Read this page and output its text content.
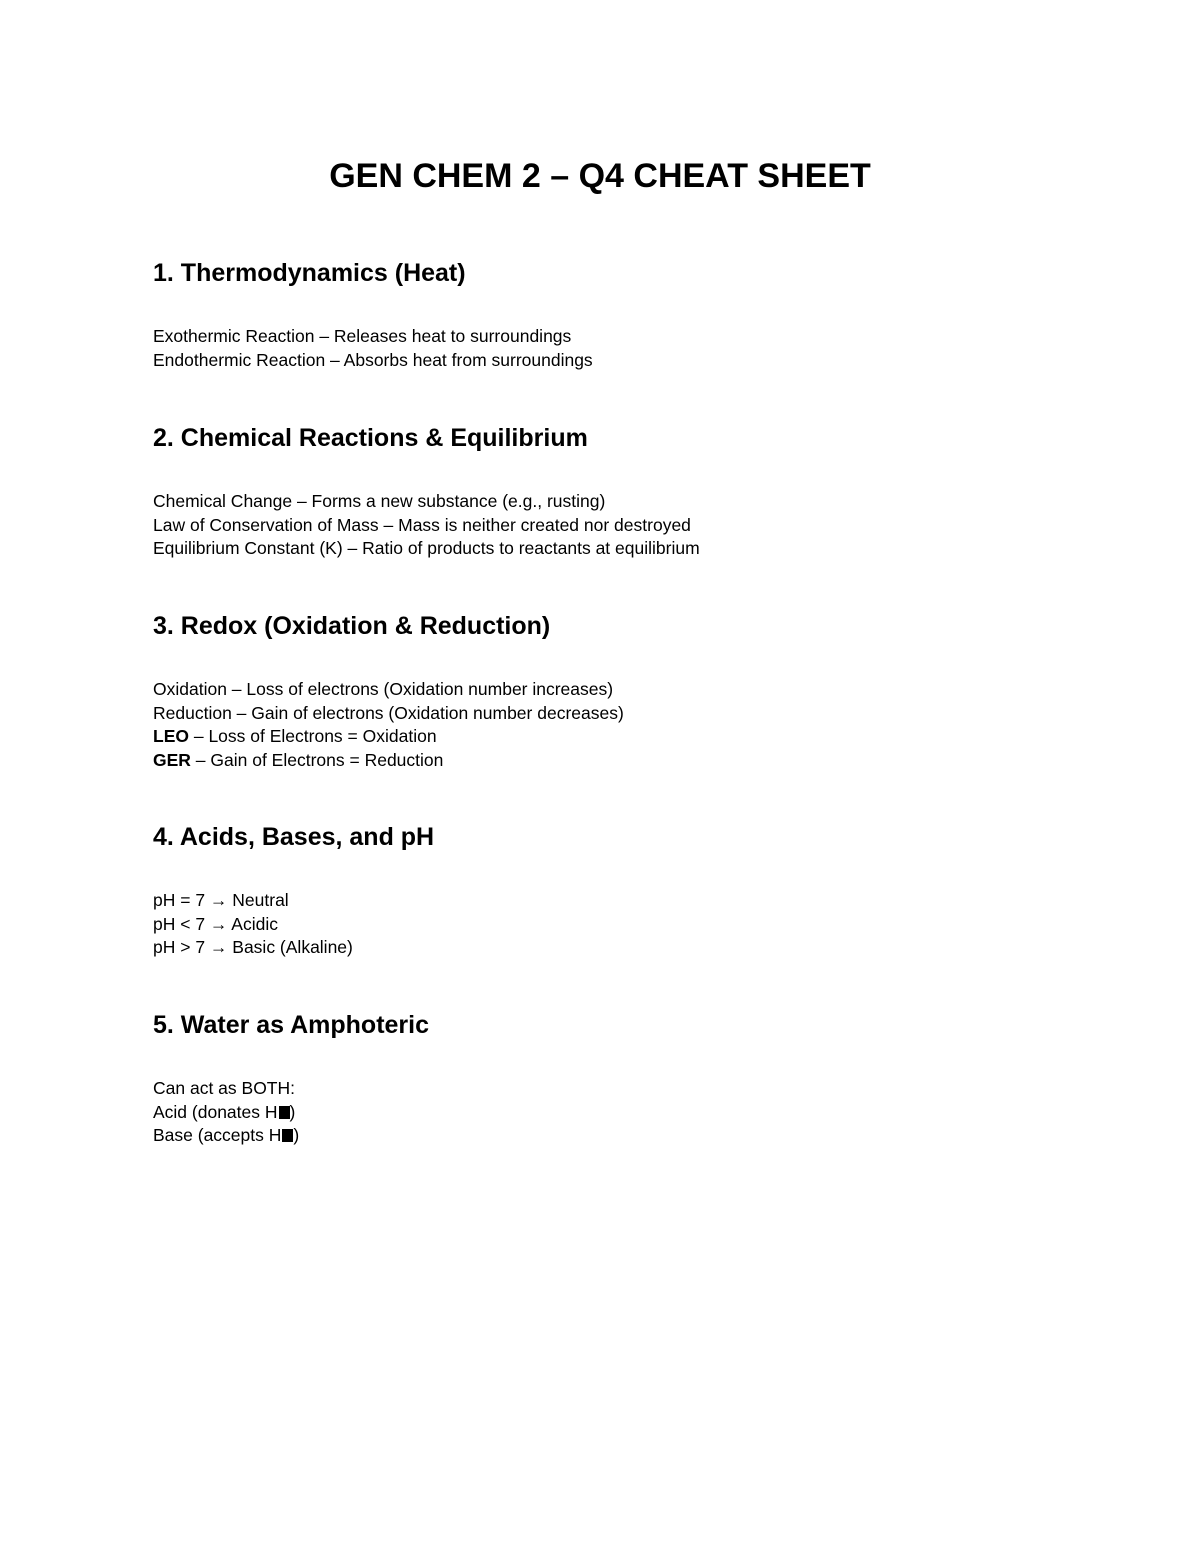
GEN CHEM 2 – Q4 CHEAT SHEET
1. Thermodynamics (Heat)
Exothermic Reaction – Releases heat to surroundings
Endothermic Reaction – Absorbs heat from surroundings
2. Chemical Reactions & Equilibrium
Chemical Change – Forms a new substance (e.g., rusting)
Law of Conservation of Mass – Mass is neither created nor destroyed
Equilibrium Constant (K) – Ratio of products to reactants at equilibrium
3. Redox (Oxidation & Reduction)
Oxidation – Loss of electrons (Oxidation number increases)
Reduction – Gain of electrons (Oxidation number decreases)
LEO – Loss of Electrons = Oxidation
GER – Gain of Electrons = Reduction
4. Acids, Bases, and pH
pH = 7 → Neutral
pH < 7 → Acidic
pH > 7 → Basic (Alkaline)
5. Water as Amphoteric
Can act as BOTH:
Acid (donates H )
Base (accepts H )
